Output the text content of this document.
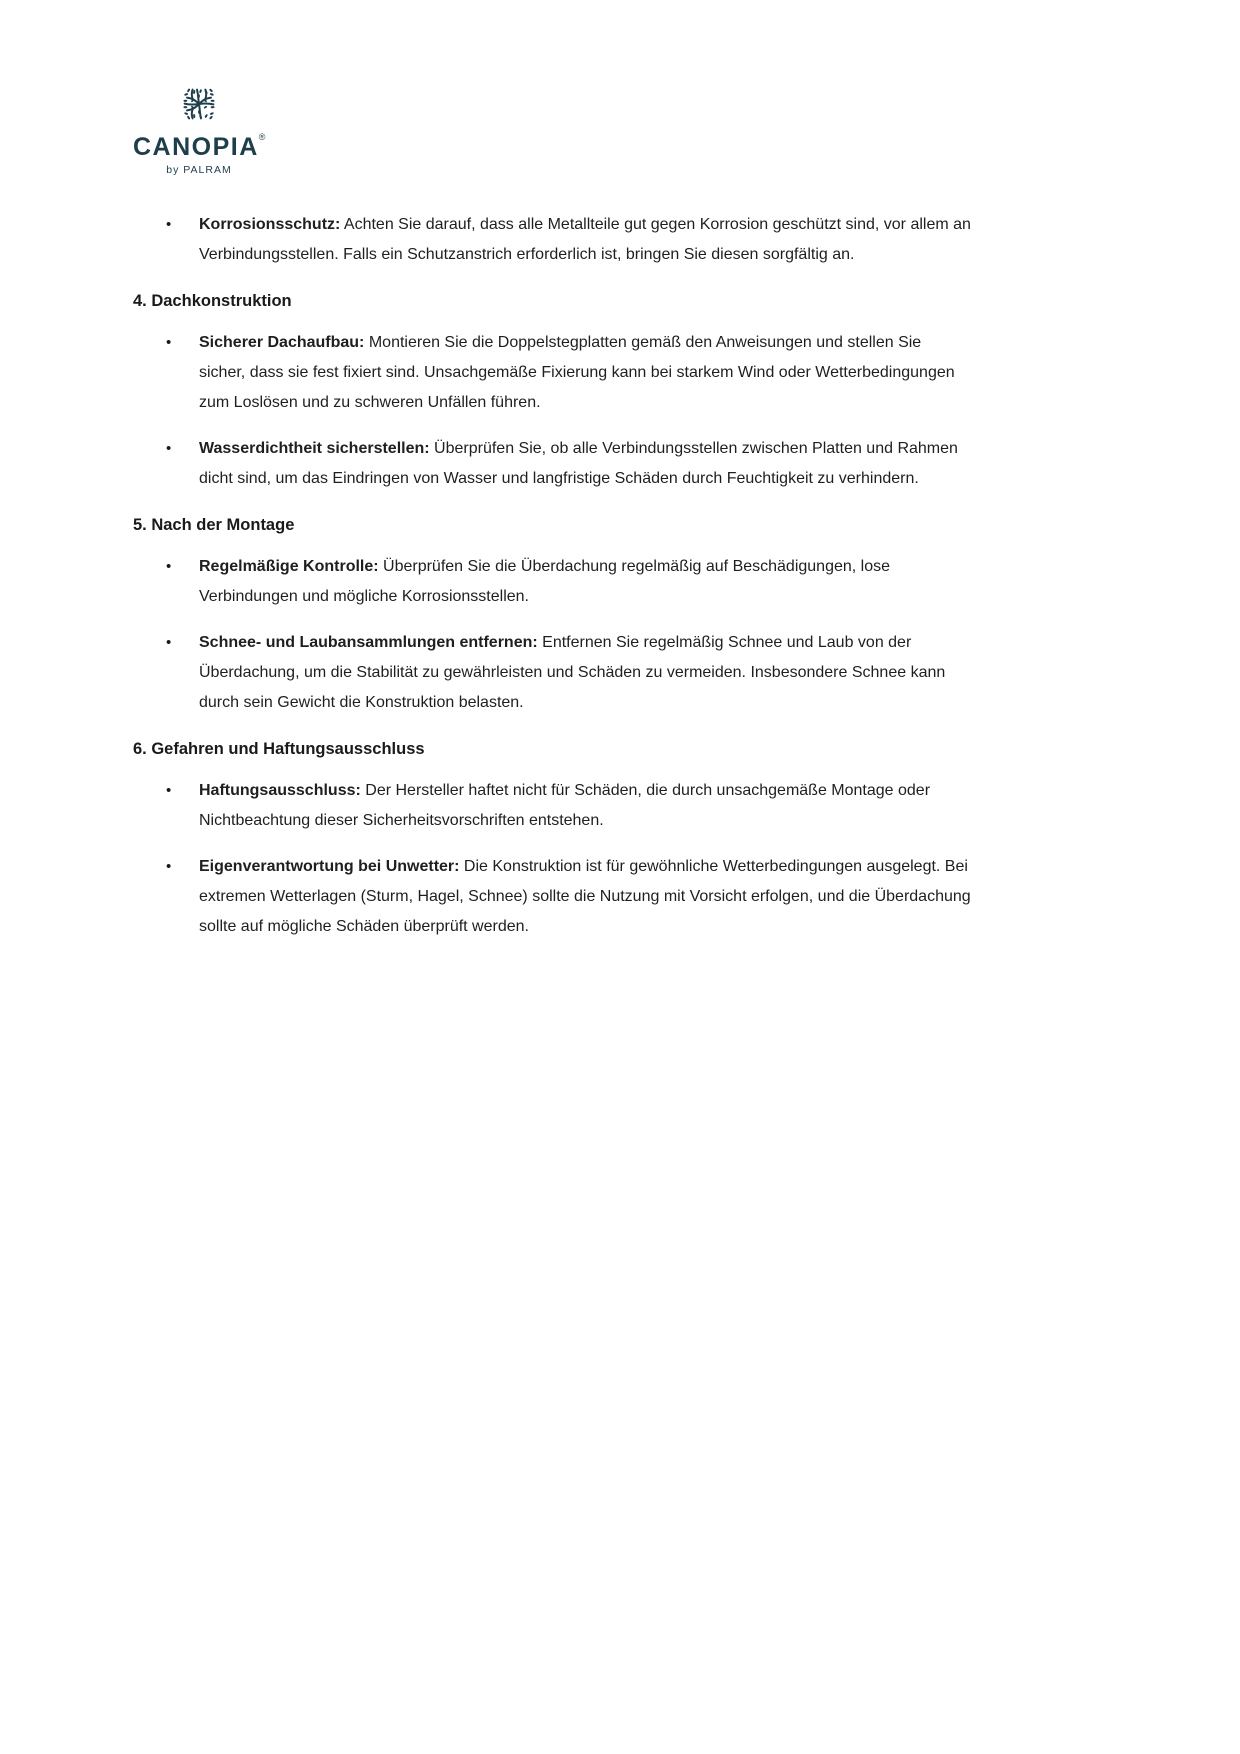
CANOPIA®
by PALRAM
•	Korrosionsschutz: Achten Sie darauf, dass alle Metallteile gut gegen Korrosion geschützt sind, vor allem an Verbindungsstellen. Falls ein Schutzanstrich erforderlich ist, bringen Sie diesen sorgfältig an.

4. Dachkonstruktion
•	Sicherer Dachaufbau: Montieren Sie die Doppelstegplatten gemäß den Anweisungen und stellen Sie sicher, dass sie fest fixiert sind. Unsachgemäße Fixierung kann bei starkem Wind oder Wetterbedingungen zum Loslösen und zu schweren Unfällen führen.

•	Wasserdichtheit sicherstellen: Überprüfen Sie, ob alle Verbindungsstellen zwischen Platten und Rahmen dicht sind, um das Eindringen von Wasser und langfristige Schäden durch Feuchtigkeit zu verhindern.

5. Nach der Montage
•	Regelmäßige Kontrolle: Überprüfen Sie die Überdachung regelmäßig auf Beschädigungen, lose Verbindungen und mögliche Korrosionsstellen.

•	Schnee- und Laubansammlungen entfernen: Entfernen Sie regelmäßig Schnee und Laub von der Überdachung, um die Stabilität zu gewährleisten und Schäden zu vermeiden. Insbesondere Schnee kann durch sein Gewicht die Konstruktion belasten.

6. Gefahren und Haftungsausschluss
•	Haftungsausschluss: Der Hersteller haftet nicht für Schäden, die durch unsachgemäße Montage oder Nichtbeachtung dieser Sicherheitsvorschriften entstehen.

•	Eigenverantwortung bei Unwetter: Die Konstruktion ist für gewöhnliche Wetterbedingungen ausgelegt. Bei extremen Wetterlagen (Sturm, Hagel, Schnee) sollte die Nutzung mit Vorsicht erfolgen, und die Überdachung sollte auf mögliche Schäden überprüft werden.
